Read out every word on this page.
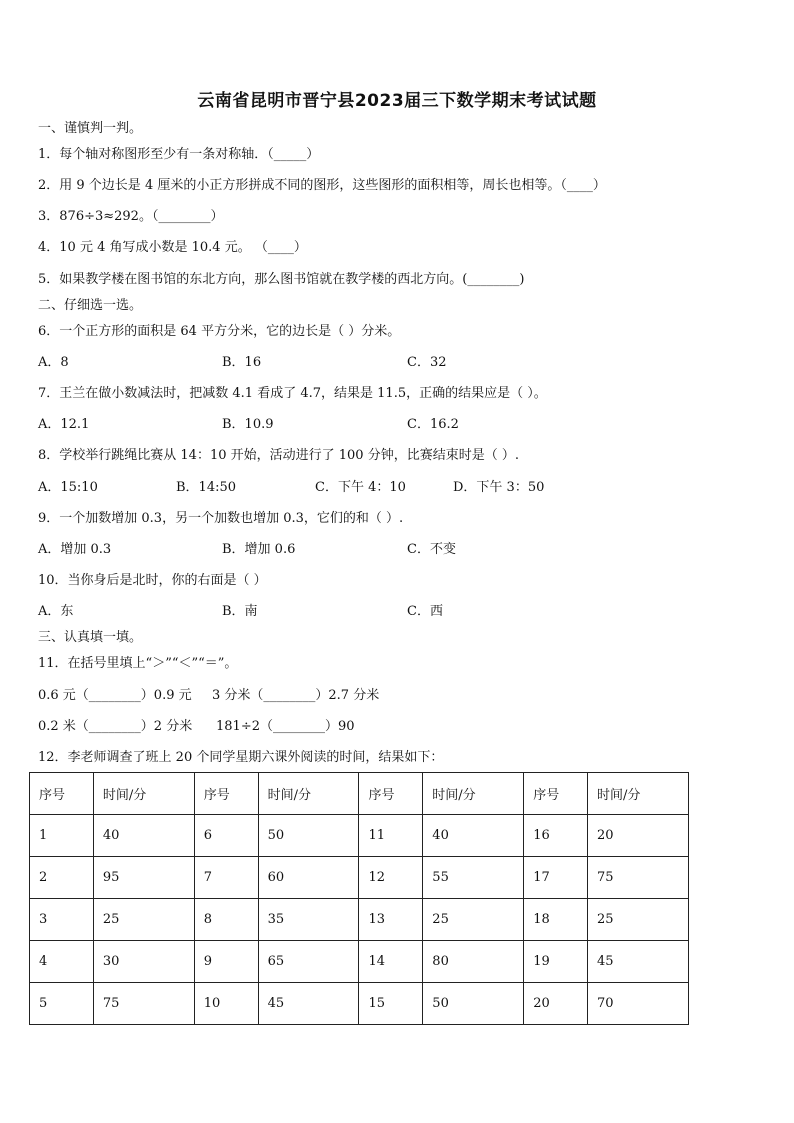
云南省昆明市晋宁县2023届三下数学期末考试试题
一、谨慎判一判。
1．每个轴对称图形至少有一条对称轴．（_____）
2．用 9 个边长是 4 厘米的小正方形拼成不同的图形，这些图形的面积相等，周长也相等。（____）
3．876÷3≈292。（________）
4．10 元 4 角写成小数是 10.4 元。 （____）
5．如果教学楼在图书馆的东北方向，那么图书馆就在教学楼的西北方向。(________)
二、仔细选一选。
6．一个正方形的面积是 64 平方分米，它的边长是（ ）分米。
A．8	B．16	C．32
7．王兰在做小数减法时，把减数 4.1 看成了 4.7，结果是 11.5，正确的结果应是（ ）。
A．12.1	B．10.9	C．16.2
8．学校举行跳绳比赛从 14：10 开始，活动进行了 100 分钟，比赛结束时是（ ）.
A．15:10	B．14:50	C．下午 4：10	D．下午 3：50
9．一个加数增加 0.3，另一个加数也增加 0.3，它们的和（ ）.
A．增加 0.3	B．增加 0.6	C．不变
10．当你身后是北时，你的右面是（ ）
A．东	B．南	C．西
三、认真填一填。
11．在括号里填上“＞”“＜”“＝”。
0.6 元（________）0.9 元 3 分米（________）2.7 分米
0.2 米（________）2 分米 181÷2（________）90
12．李老师调查了班上 20 个同学星期六课外阅读的时间，结果如下：
序号	时间/分	序号	时间/分	序号	时间/分	序号	时间/分
1	40	6	50	11	40	16	20
2	95	7	60	12	55	17	75
3	25	8	35	13	25	18	25
4	30	9	65	14	80	19	45
5	75	10	45	15	50	20	70
